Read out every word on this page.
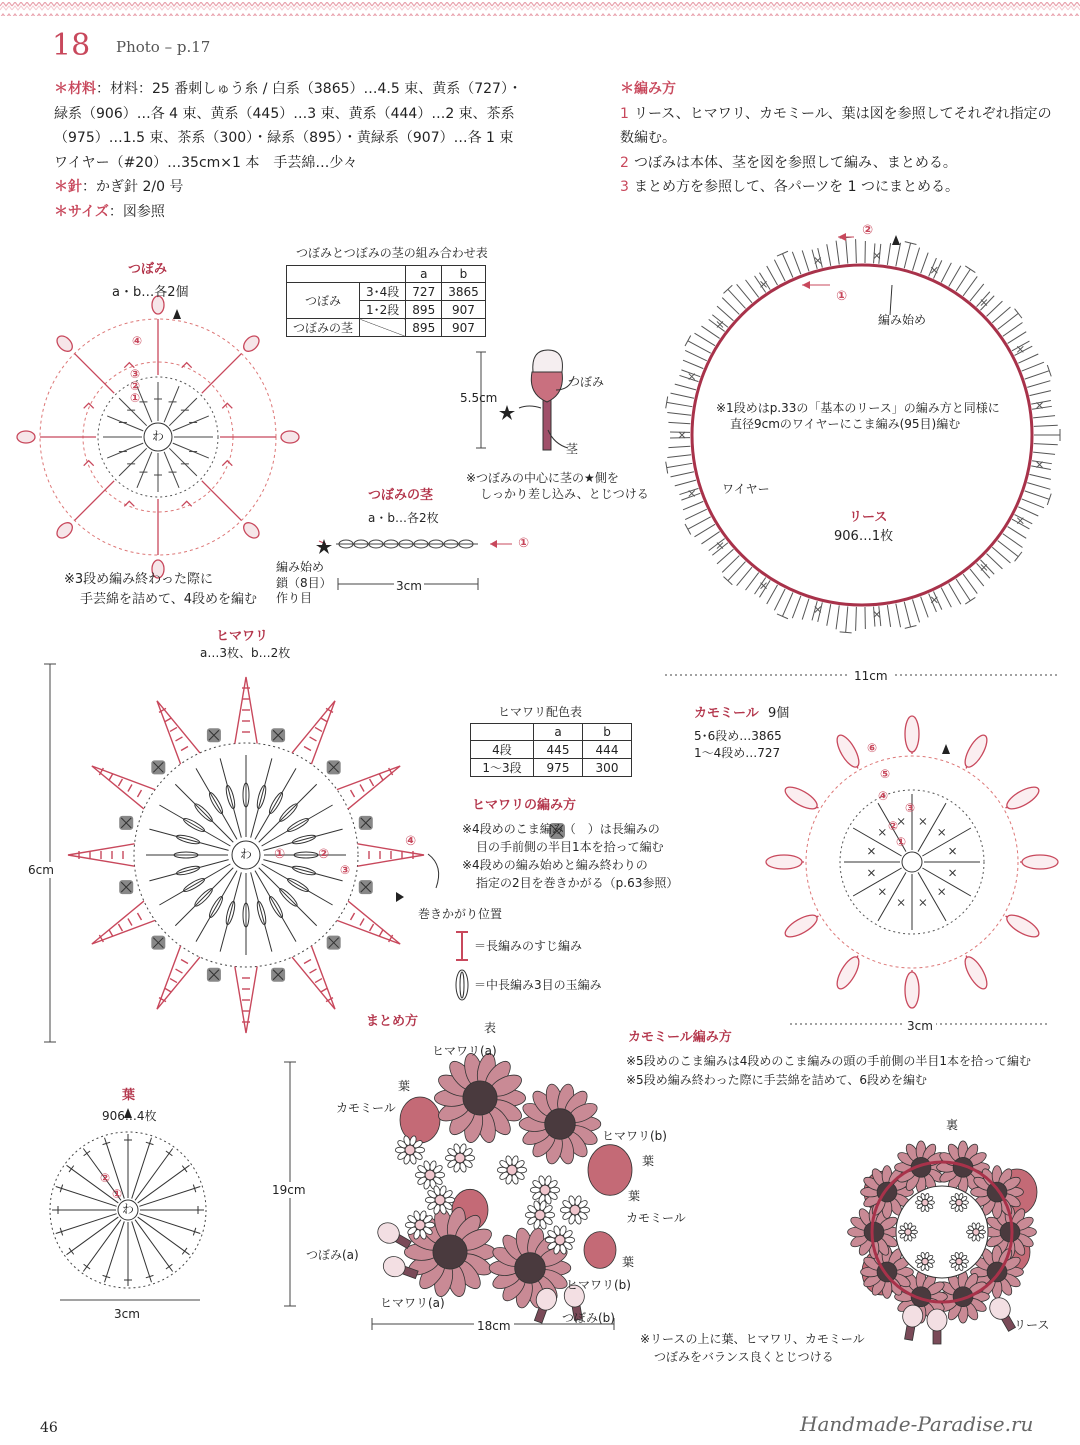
18 Photo – p.17
＊材料：材料：25 番刺しゅう糸 / 白系（3865）…4.5 束、黄系（727）・
緑系（906）…各 4 束、黄系（445）…3 束、黄系（444）…2 束、茶系
（975）…1.5 束、茶系（300）・緑系（895）・黄緑系（907）…各 1 束
ワイヤー（#20）…35cm×1 本　手芸綿…少々
＊針：かぎ針 2/0 号
＊サイズ：図参照
＊編み方
1 リース、ヒマワリ、カモミール、葉は図を参照してそれぞれ指定の
数編む。
2 つぼみは本体、茎を図を参照して編み、まとめる。
3 まとめ方を参照して、各パーツを 1 つにまとめる。
つぼみ
a・b…各2個
④
③
②
①
わ
※3段め編み終わった際に
手芸綿を詰めて、4段めを編む
つぼみとつぼみの茎の組み合わせ表
		a	b
つぼみ	3･4段	727	3865
	1･2段	895	907
つぼみの茎		895	907
5.5cm
つぼみ
茎
※つぼみの中心に茎の★側を
しっかり差し込み、とじつける
つぼみの茎
a・b…各2枚
①
編み始め
鎖（8目）
作り目
3cm
②
①
編み始め
※1段めはp.33の「基本のリース」の編み方と同様に
直径9cmのワイヤーにこま編み(95目)編む
ワイヤー
リース
906…1枚
11cm
ヒマワリ
a…3枚、b…2枚
6cm
わ ①	②
③
④
ヒマワリ配色表
	a	b
4段	445	444
1〜3段	975	300
ヒマワリの編み方
※4段めのこま編み（　）は長編みの
目の手前側の半目1本を拾って編む
※4段めの編み始めと編み終わりの
指定の2目を巻きかがる（p.63参照）
巻きかがり位置
＝長編みのすじ編み
＝中長編み3目の玉編み
カモミール 9個
5･6段め…3865
1〜4段め…727	⑥
⑤
④
③
②
①
3cm
カモミール編み方
※5段めのこま編みは4段めのこま編みの頭の手前側の半目1本を拾って編む
※5段め編み終わった際に手芸綿を詰めて、6段めを編む
葉
906…4枚
②
①
わ
3cm
まとめ方	表
裏
ヒマワリ(a)
葉
カモミール
ヒマワリ(b)
葉
葉
カモミール
葉
つぼみ(a)
ヒマワリ(b)
ヒマワリ(a)
つぼみ(b)	リース
19cm
18cm
※リースの上に葉、ヒマワリ、カモミール
つぼみをバランス良くとじつける
46	Handmade-Paradise.ru
